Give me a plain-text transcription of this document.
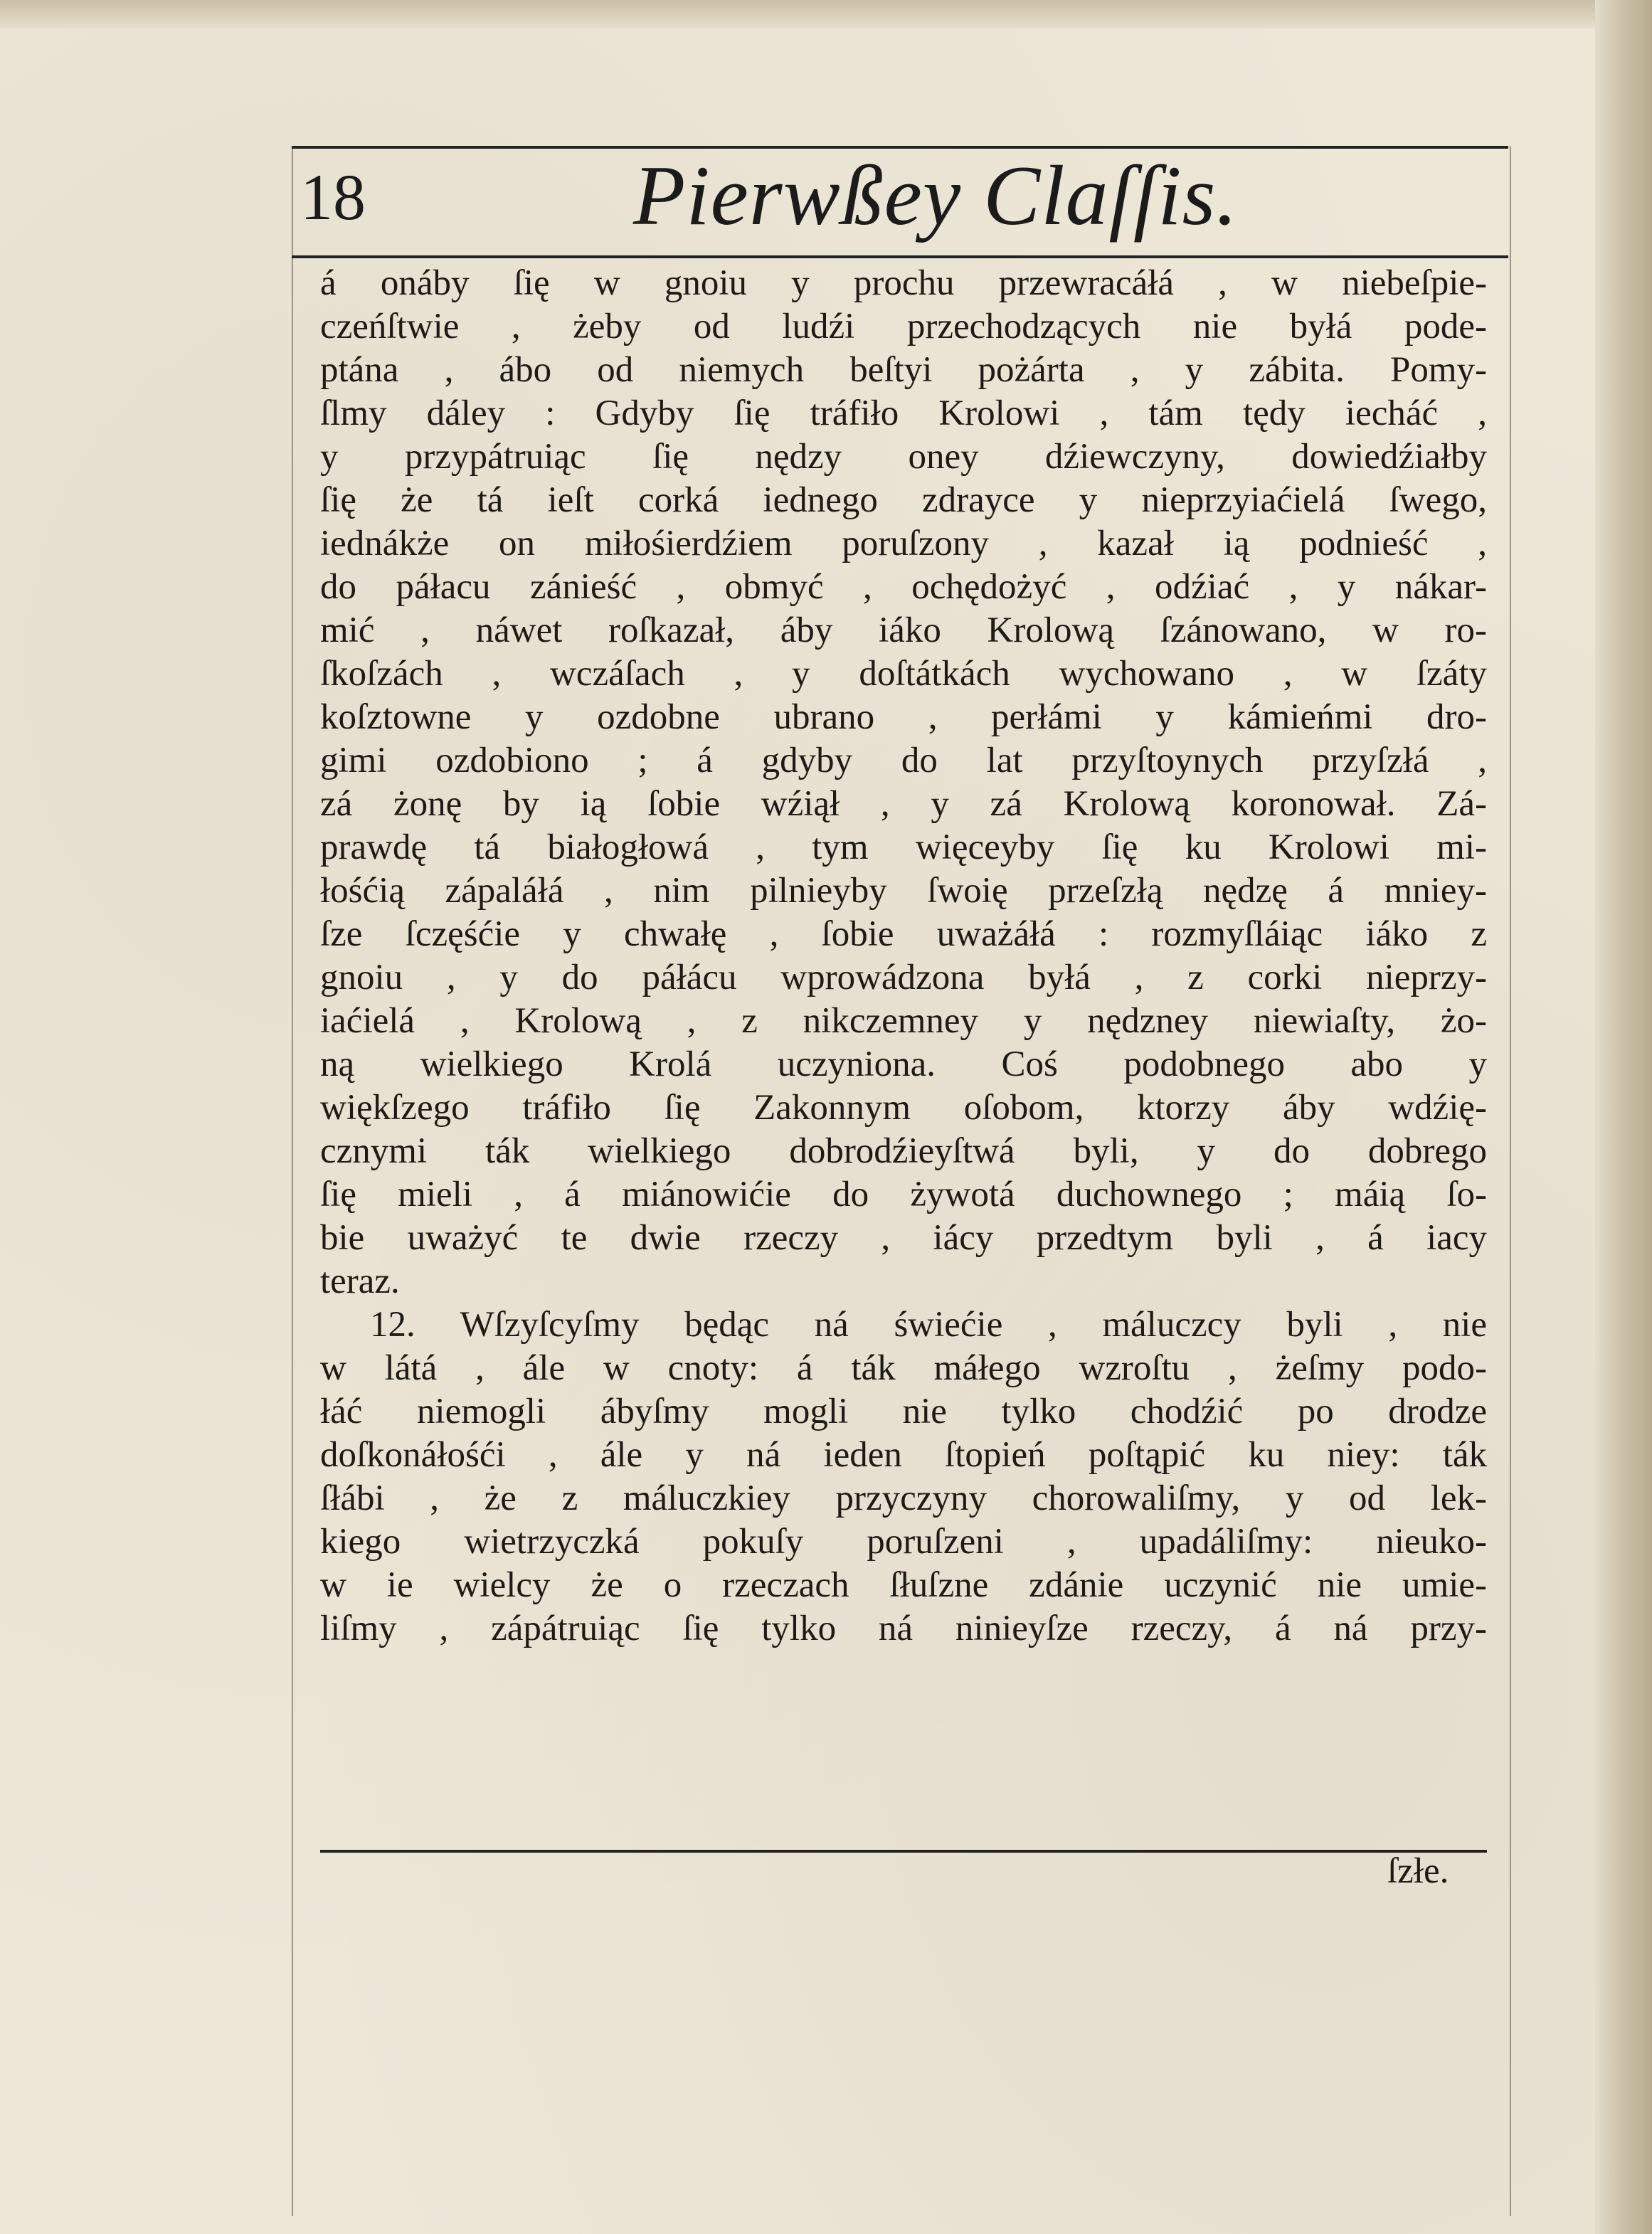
18	Pierwßey Claſſis.
á onáby ſię w gnoiu y prochu przewracáłá , w niebeſpie-
czeńſtwie , żeby od ludźi przechodzących nie byłá pode-
ptána , ábo od niemych beſtyi pożárta , y zábita. Pomy-
ſlmy dáley : Gdyby ſię tráfiło Krolowi , tám tędy iecháć ,
y przypátruiąc ſię nędzy oney dźiewczyny, dowiedźiałby
ſię że tá ieſt corká iednego zdrayce y nieprzyiaćielá ſwego,
iednákże on miłośierdźiem poruſzony , kazał ią podnieść ,
do páłacu zánieść , obmyć , ochędożyć , odźiać , y nákar-
mić , náwet roſkazał, áby iáko Krolową ſzánowano, w ro-
ſkoſzách , wczáſach , y doſtátkách wychowano , w ſzáty
koſztowne y ozdobne ubrano , perłámi y kámieńmi dro-
gimi ozdobiono ; á gdyby do lat przyſtoynych przyſzłá ,
zá żonę by ią ſobie wźiął , y zá Krolową koronował. Zá-
prawdę tá białogłowá , tym więceyby ſię ku Krolowi mi-
łośćią zápaláłá , nim pilnieyby ſwoię przeſzłą nędzę á mniey-
ſze ſczęśćie y chwałę , ſobie uważáłá : rozmyſláiąc iáko z
gnoiu , y do páłácu wprowádzona byłá , z corki nieprzy-
iaćielá , Krolową , z nikczemney y nędzney niewiaſty, żo-
ną wielkiego Krolá uczyniona. Coś podobnego abo y
więkſzego tráfiło ſię Zakonnym oſobom, ktorzy áby wdźię-
cznymi ták wielkiego dobrodźieyſtwá byli, y do dobrego
ſię mieli , á miánowićie do żywotá duchownego ; máią ſo-
bie uważyć te dwie rzeczy , iácy przedtym byli , á iacy
teraz.
12. Wſzyſcyſmy będąc ná świećie , máluczcy byli , nie
w látá , ále w cnoty: á ták máłego wzroſtu , żeſmy podo-
łáć niemogli ábyſmy mogli nie tylko chodźić po drodze
doſkonáłośći , ále y ná ieden ſtopień poſtąpić ku niey: ták
ſłábi , że z máluczkiey przyczyny chorowaliſmy, y od lek-
kiego wietrzyczká pokuſy poruſzeni , upadáliſmy: nieuko-
w ie wielcy że o rzeczach ſłuſzne zdánie uczynić nie umie-
liſmy , zápátruiąc ſię tylko ná ninieyſze rzeczy, á ná przy-
ſzłe.
